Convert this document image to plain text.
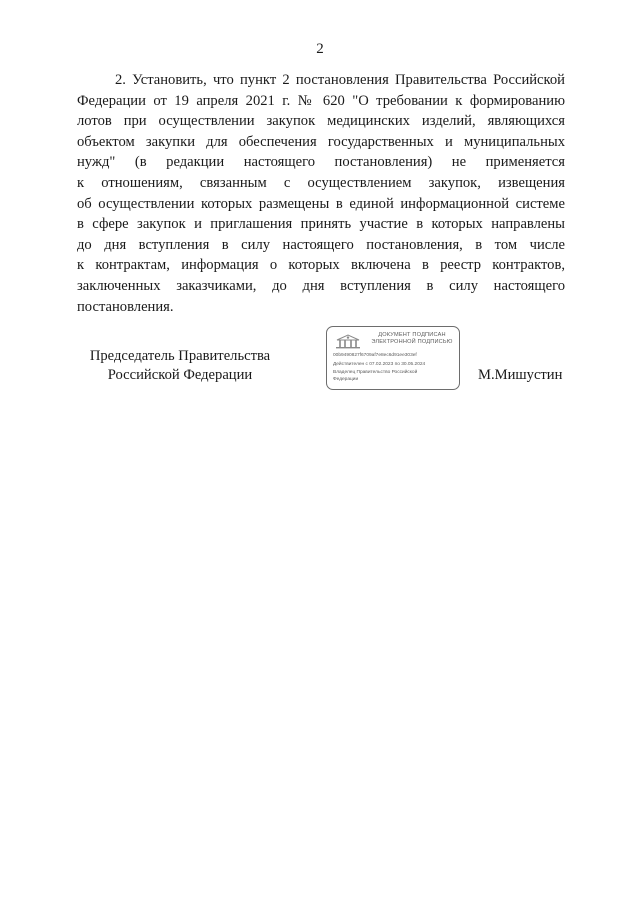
2
2. Установить, что пункт 2 постановления Правительства Российской
Федерации от 19 апреля 2021 г. № 620 "О требовании к формированию
лотов при осуществлении закупок медицинских изделий, являющихся
объектом закупки для обеспечения государственных и муниципальных
нужд" (в редакции настоящего постановления) не применяется
к отношениям, связанным с осуществлением закупок, извещения
об осуществлении которых размещены в единой информационной системе
в сфере закупок и приглашения принять участие в которых направлены
до дня вступления в силу настоящего постановления, в том числе
к контрактам, информация о которых включена в реестр контрактов,
заключенных заказчиками, до дня вступления в силу настоящего
постановления.
Председатель Правительства
Российской Федерации
ДОКУМЕНТ ПОДПИСАН
ЭЛЕКТРОННОЙ ПОДПИСЬЮ
00b9490827f6709af7e8ec6d91ee303ef
Действителен с 07.02.2023 по 30.05.2024
Владелец Правительство Российской
Федерации	М.Мишустин
